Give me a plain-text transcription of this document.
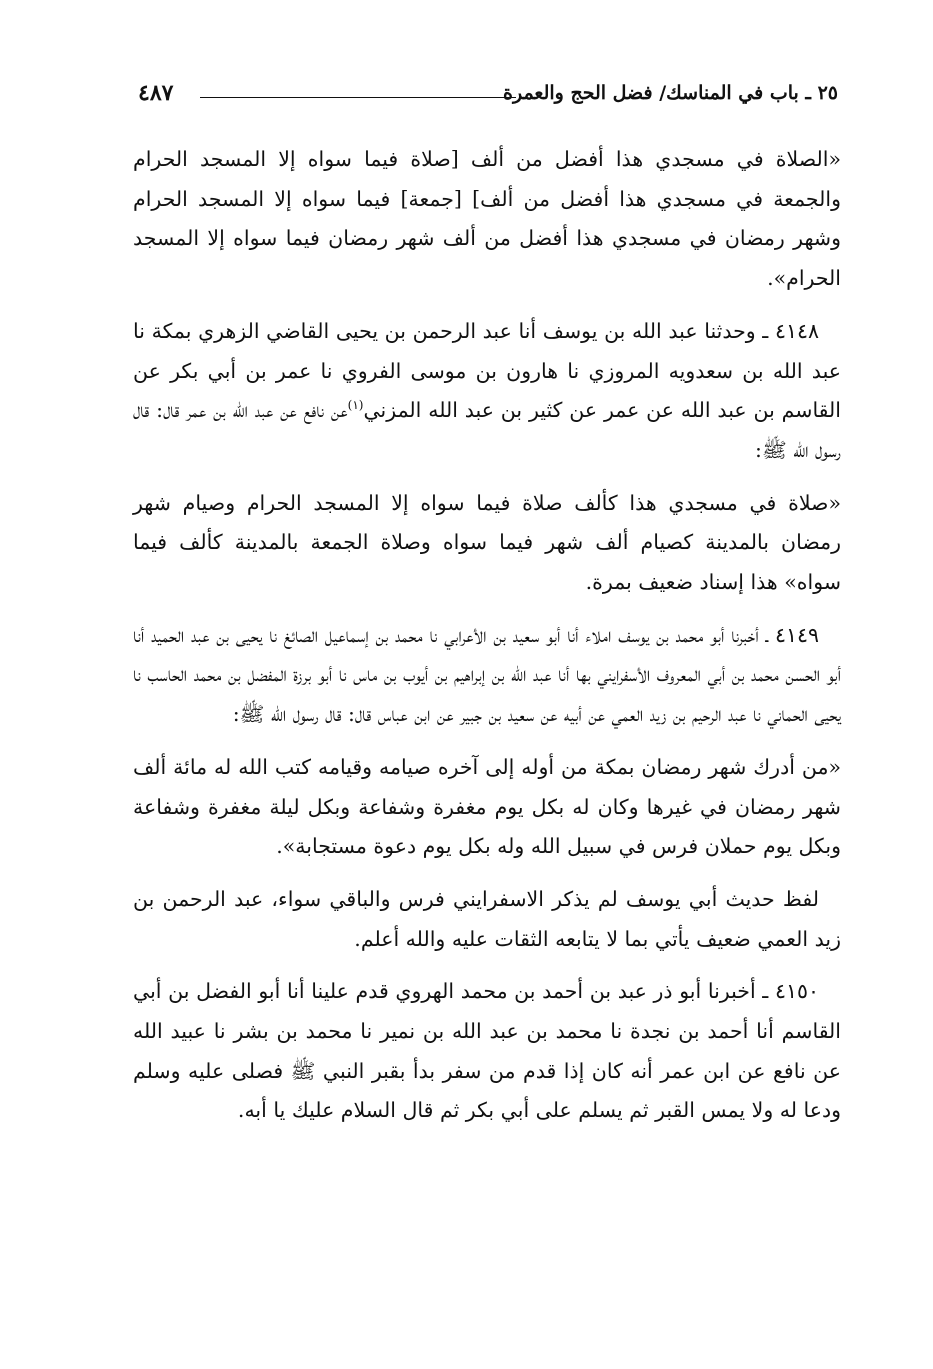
٢٥ ـ باب في المناسك/ فضل الحج والعمرة
٤٨٧

«الصلاة في مسجدي هذا أفضل من ألف [صلاة فيما سواه إلا المسجد الحرام والجمعة في مسجدي هذا أفضل من ألف] [جمعة] فيما سواه إلا المسجد الحرام وشهر رمضان في مسجدي هذا أفضل من ألف شهر رمضان فيما سواه إلا المسجد الحرام».

٤١٤٨ ـ وحدثنا عبد الله بن يوسف أنا عبد الرحمن بن يحيى القاضي الزهري بمكة نا عبد الله بن سعدويه المروزي نا هارون بن موسى الفروي نا عمر بن أبي بكر عن القاسم بن عبد الله عن عمر عن كثير بن عبد الله المزني$^{(١)}$عن نافع عن عبد الله بن عمر قال: قال رسول الله ﷺ:

«صلاة في مسجدي هذا كألف صلاة فيما سواه إلا المسجد الحرام وصيام شهر رمضان بالمدينة كصيام ألف شهر فيما سواه وصلاة الجمعة بالمدينة كألف فيما سواه» هذا إسناد ضعيف بمرة.

٤١٤٩ ـ أخبرنا أبو محمد بن يوسف املاء أنا أبو سعيد بن الأعرابي نا محمد بن إسماعيل الصائغ نا يحيى بن عبد الحميد أنا أبو الحسن محمد بن أبي المعروف الأسفرايني بها أنا عبد الله بن إبراهيم بن أيوب بن ماس نا أبو برزة المفضل بن محمد الحاسب نا يحيى الحماني نا عبد الرحيم بن زيد العمي عن أبيه عن سعيد بن جبير عن ابن عباس قال: قال رسول الله ﷺ:

«من أدرك شهر رمضان بمكة من أوله إلى آخره صيامه وقيامه كتب الله له مائة ألف شهر رمضان في غيرها وكان له بكل يوم مغفرة وشفاعة وبكل ليلة مغفرة وشفاعة وبكل يوم حملان فرس في سبيل الله وله بكل يوم دعوة مستجابة».

لفظ حديث أبي يوسف لم يذكر الاسفرايني فرس والباقي سواء، عبد الرحمن بن زيد العمي ضعيف يأتي بما لا يتابعه الثقات عليه والله أعلم.

٤١٥٠ ـ أخبرنا أبو ذر عبد بن أحمد بن محمد الهروي قدم علينا أنا أبو الفضل بن أبي القاسم أنا أحمد بن نجدة نا محمد بن عبد الله بن نمير نا محمد بن بشر نا عبيد الله عن نافع عن ابن عمر أنه كان إذا قدم من سفر بدأ بقبر النبي ﷺ فصلى عليه وسلم ودعا له ولا يمس القبر ثم يسلم على أبي بكر ثم قال السلام عليك يا أبه.
